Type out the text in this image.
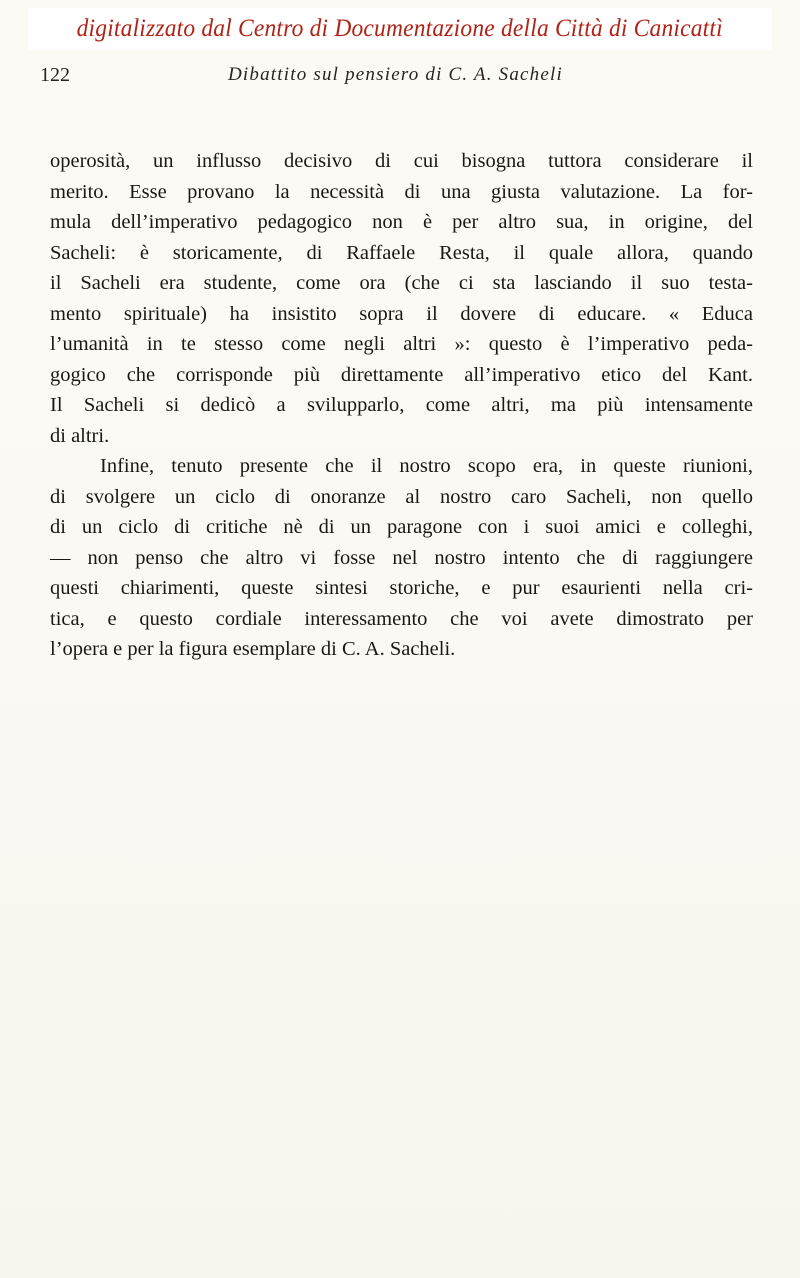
digitalizzato dal Centro di Documentazione della Città di Canicattì
122	Dibattito sul pensiero di C. A. Sacheli
operosità, un influsso decisivo di cui bisogna tuttora considerare il
merito. Esse provano la necessità di una giusta valutazione. La for-
mula dell’imperativo pedagogico non è per altro sua, in origine, del
Sacheli: è storicamente, di Raffaele Resta, il quale allora, quando
il Sacheli era studente, come ora (che ci sta lasciando il suo testa-
mento spirituale) ha insistito sopra il dovere di educare. « Educa
l’umanità in te stesso come negli altri »: questo è l’imperativo peda-
gogico che corrisponde più direttamente all’imperativo etico del Kant.
Il Sacheli si dedicò a svilupparlo, come altri, ma più intensamente
di altri.
Infine, tenuto presente che il nostro scopo era, in queste riunioni,
di svolgere un ciclo di onoranze al nostro caro Sacheli, non quello
di un ciclo di critiche nè di un paragone con i suoi amici e colleghi,
— non penso che altro vi fosse nel nostro intento che di raggiungere
questi chiarimenti, queste sintesi storiche, e pur esaurienti nella cri-
tica, e questo cordiale interessamento che voi avete dimostrato per
l’opera e per la figura esemplare di C. A. Sacheli.
